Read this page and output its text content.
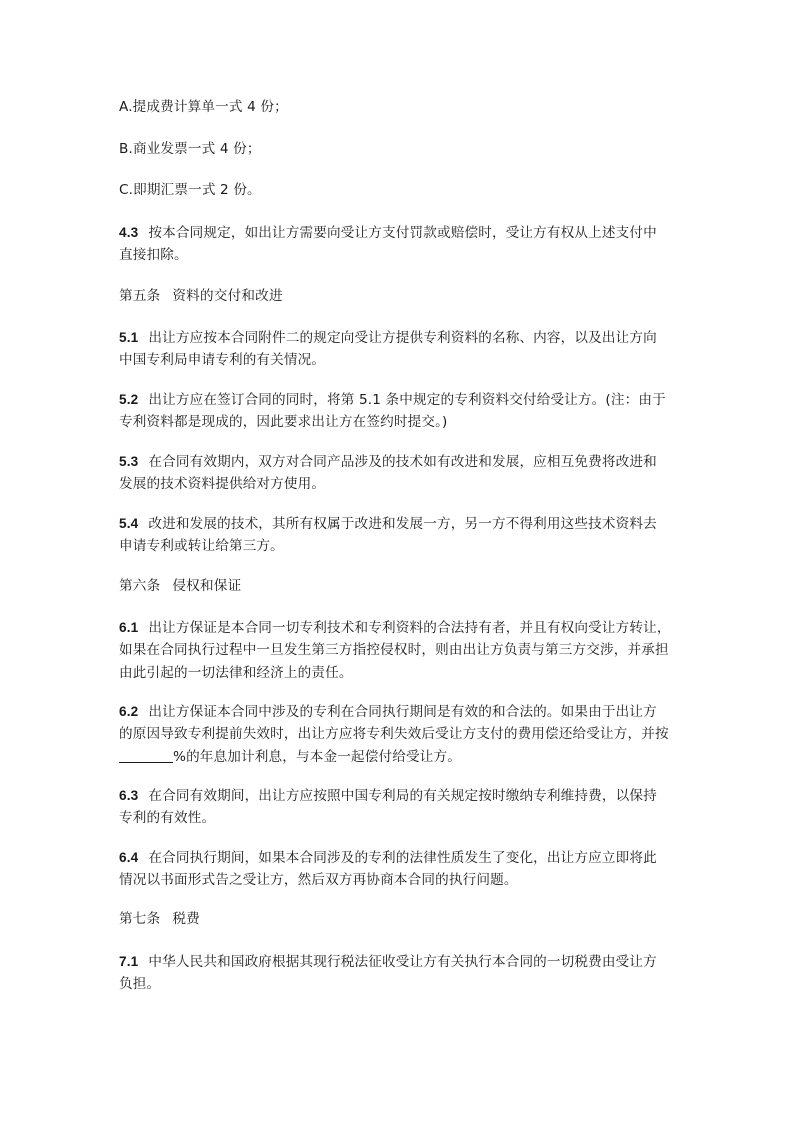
A.提成费计算单一式 4 份；
B.商业发票一式 4 份；
C.即期汇票一式 2 份。
4.3 按本合同规定，如出让方需要向受让方支付罚款或赔偿时，受让方有权从上述支付中
直接扣除。
第五条 资料的交付和改进
5.1 出让方应按本合同附件二的规定向受让方提供专利资料的名称、内容，以及出让方向
中国专利局申请专利的有关情况。
5.2 出让方应在签订合同的同时，将第 5.1 条中规定的专利资料交付给受让方。(注：由于
专利资料都是现成的，因此要求出让方在签约时提交。)
5.3 在合同有效期内，双方对合同产品涉及的技术如有改进和发展，应相互免费将改进和
发展的技术资料提供给对方使用。
5.4 改进和发展的技术，其所有权属于改进和发展一方，另一方不得利用这些技术资料去
申请专利或转让给第三方。
第六条 侵权和保证
6.1 出让方保证是本合同一切专利技术和专利资料的合法持有者，并且有权向受让方转让，
如果在合同执行过程中一旦发生第三方指控侵权时，则由出让方负责与第三方交涉，并承担
由此引起的一切法律和经济上的责任。
6.2 出让方保证本合同中涉及的专利在合同执行期间是有效的和合法的。如果由于出让方
的原因导致专利提前失效时，出让方应将专利失效后受让方支付的费用偿还给受让方，并按
%的年息加计利息，与本金一起偿付给受让方。
6.3 在合同有效期间，出让方应按照中国专利局的有关规定按时缴纳专利维持费，以保持
专利的有效性。
6.4 在合同执行期间，如果本合同涉及的专利的法律性质发生了变化，出让方应立即将此
情况以书面形式告之受让方，然后双方再协商本合同的执行问题。
第七条 税费
7.1 中华人民共和国政府根据其现行税法征收受让方有关执行本合同的一切税费由受让方
负担。
